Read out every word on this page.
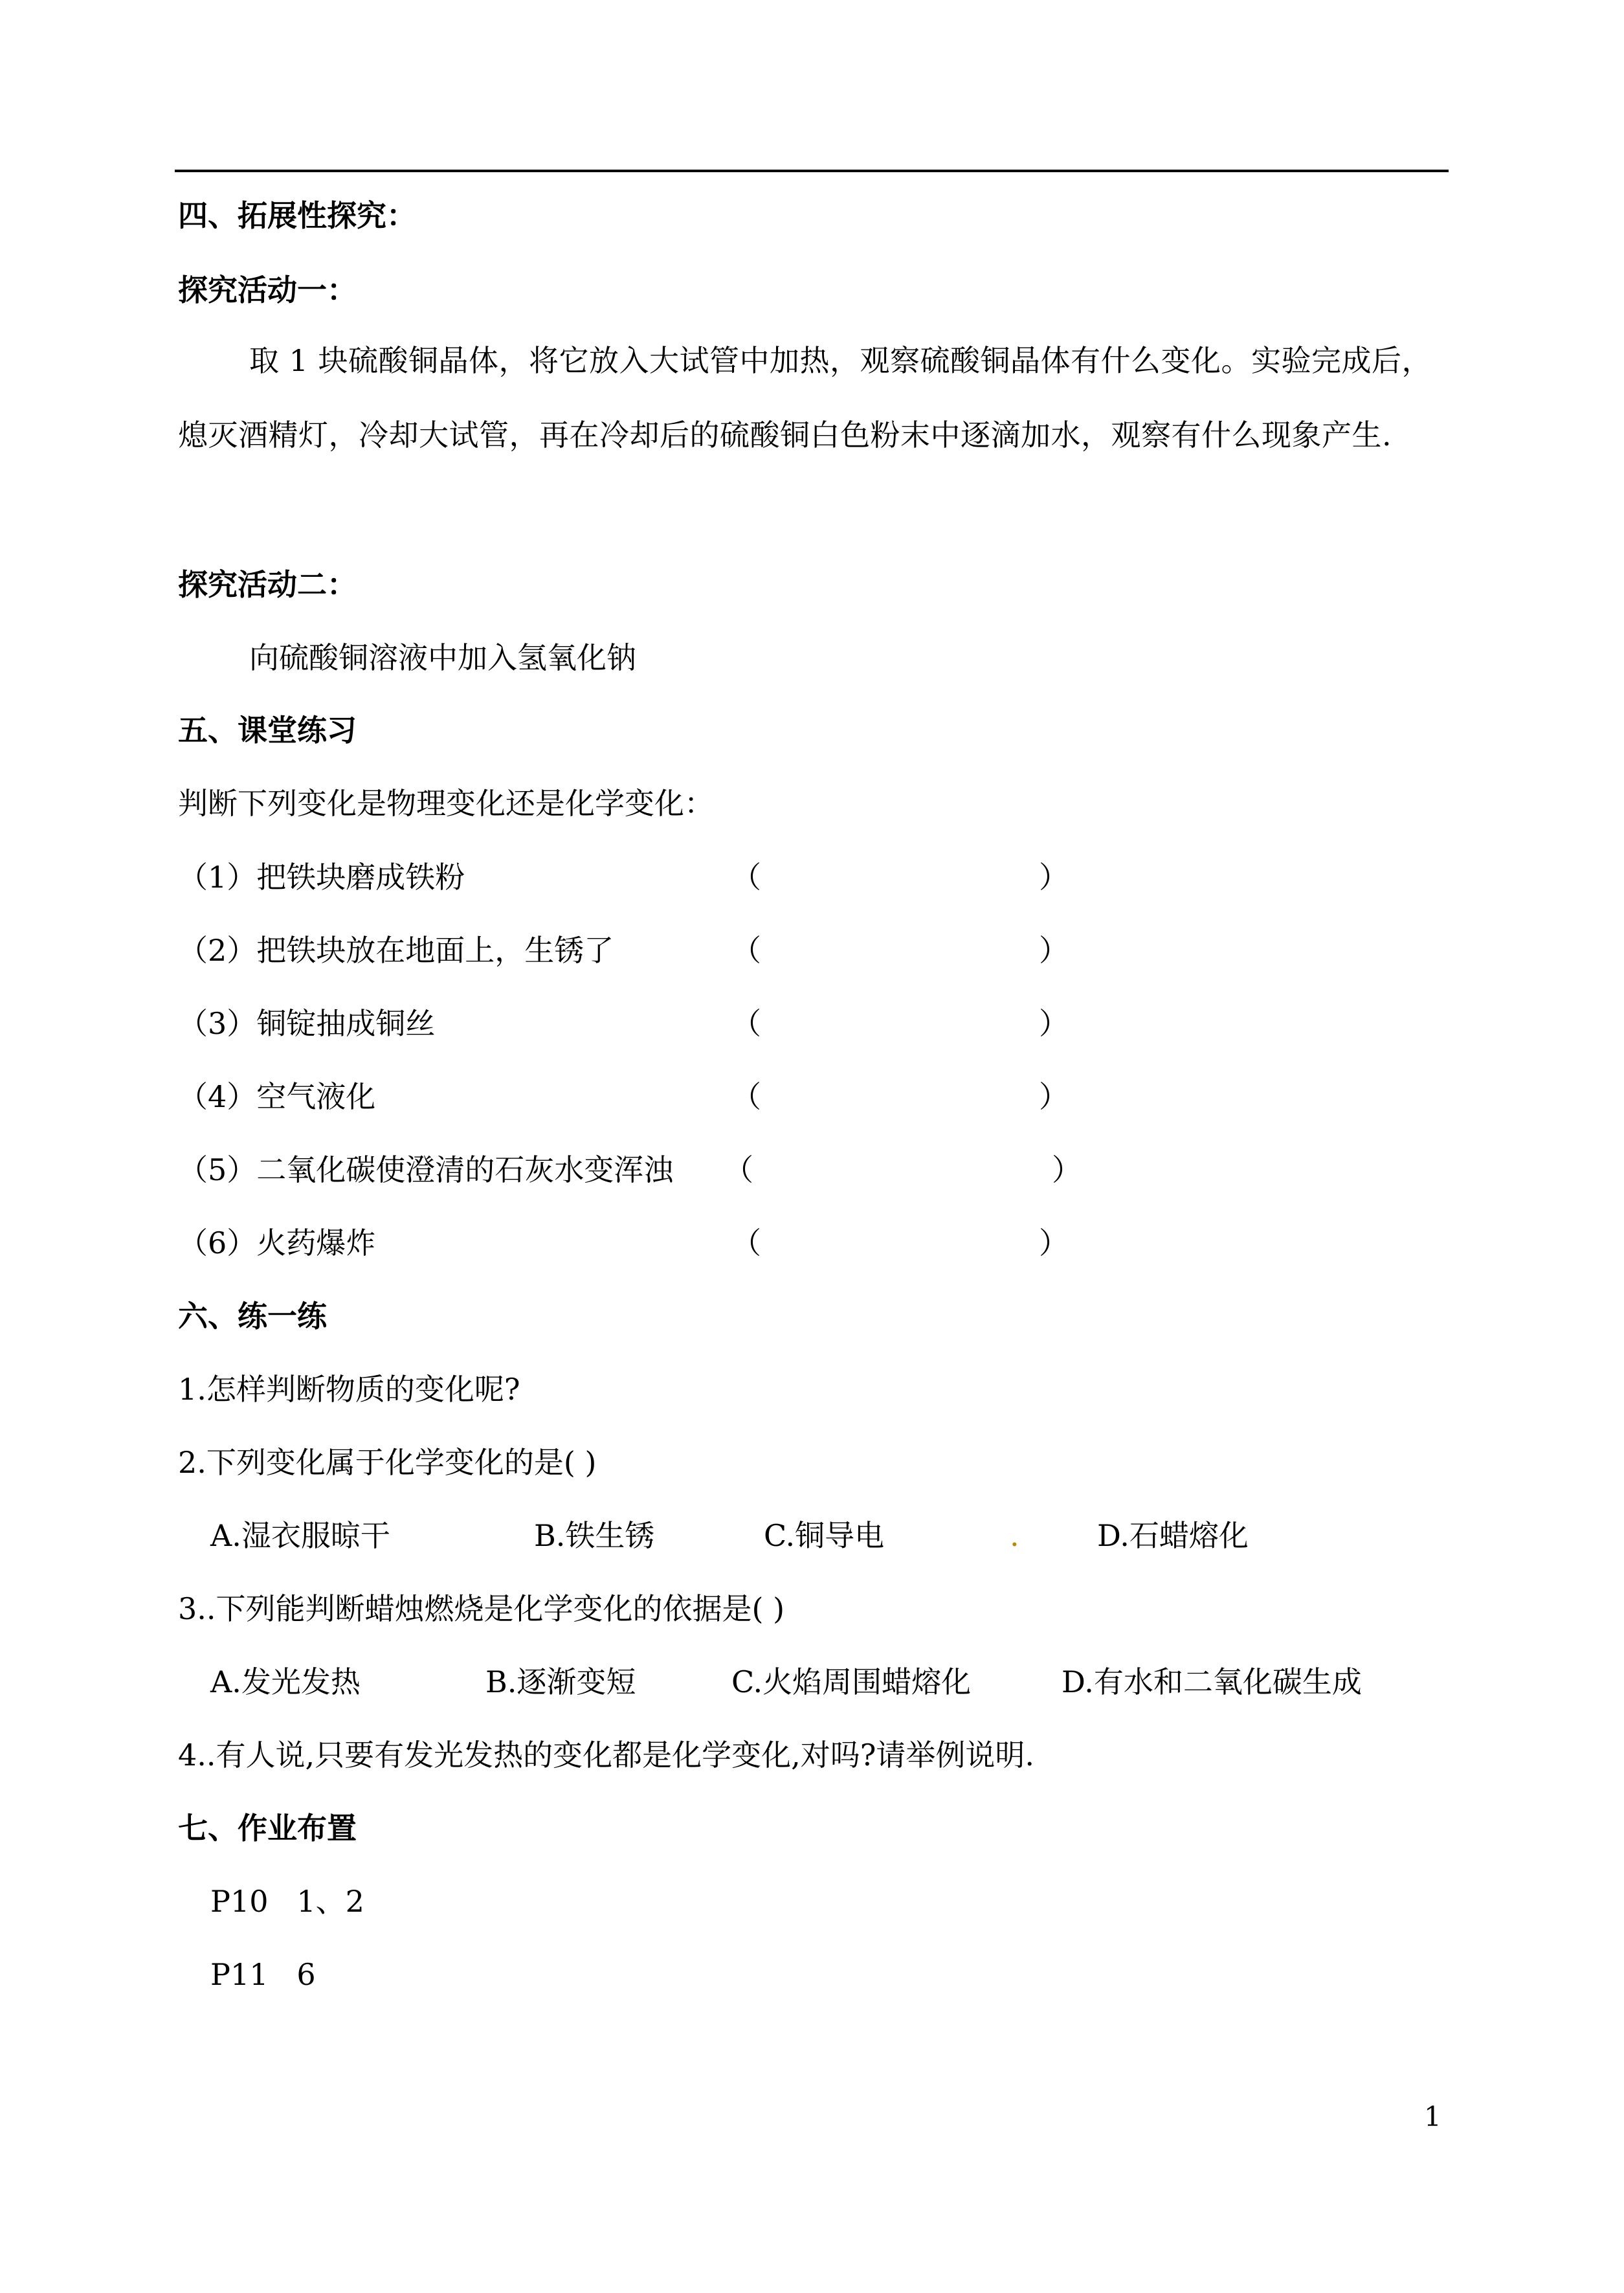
四、拓展性探究：
探究活动一：
取 1 块硫酸铜晶体，将它放入大试管中加热，观察硫酸铜晶体有什么变化。实验完成后，熄灭酒精灯，冷却大试管，再在冷却后的硫酸铜白色粉末中逐滴加水，观察有什么现象产生.
探究活动二：
向硫酸铜溶液中加入氢氧化钠
五、课堂练习
判断下列变化是物理变化还是化学变化：
（1）把铁块磨成铁粉	（	）
（2）把铁块放在地面上，生锈了	（	）
（3）铜锭抽成铜丝	（	）
（4）空气液化	（	）
（5）二氧化碳使澄清的石灰水变浑浊 （	）
（6）火药爆炸	（	）
六、练一练
1.怎样判断物质的变化呢?
2.下列变化属于化学变化的是( )
A.湿衣服晾干	B.铁生锈	C.铜导电	.	D.石蜡熔化
3..下列能判断蜡烛燃烧是化学变化的依据是( )
A.发光发热	B.逐渐变短	C.火焰周围蜡熔化	D.有水和二氧化碳生成
4..有人说,只要有发光发热的变化都是化学变化,对吗?请举例说明.
七、作业布置
P10   1、2
P11   6
1
